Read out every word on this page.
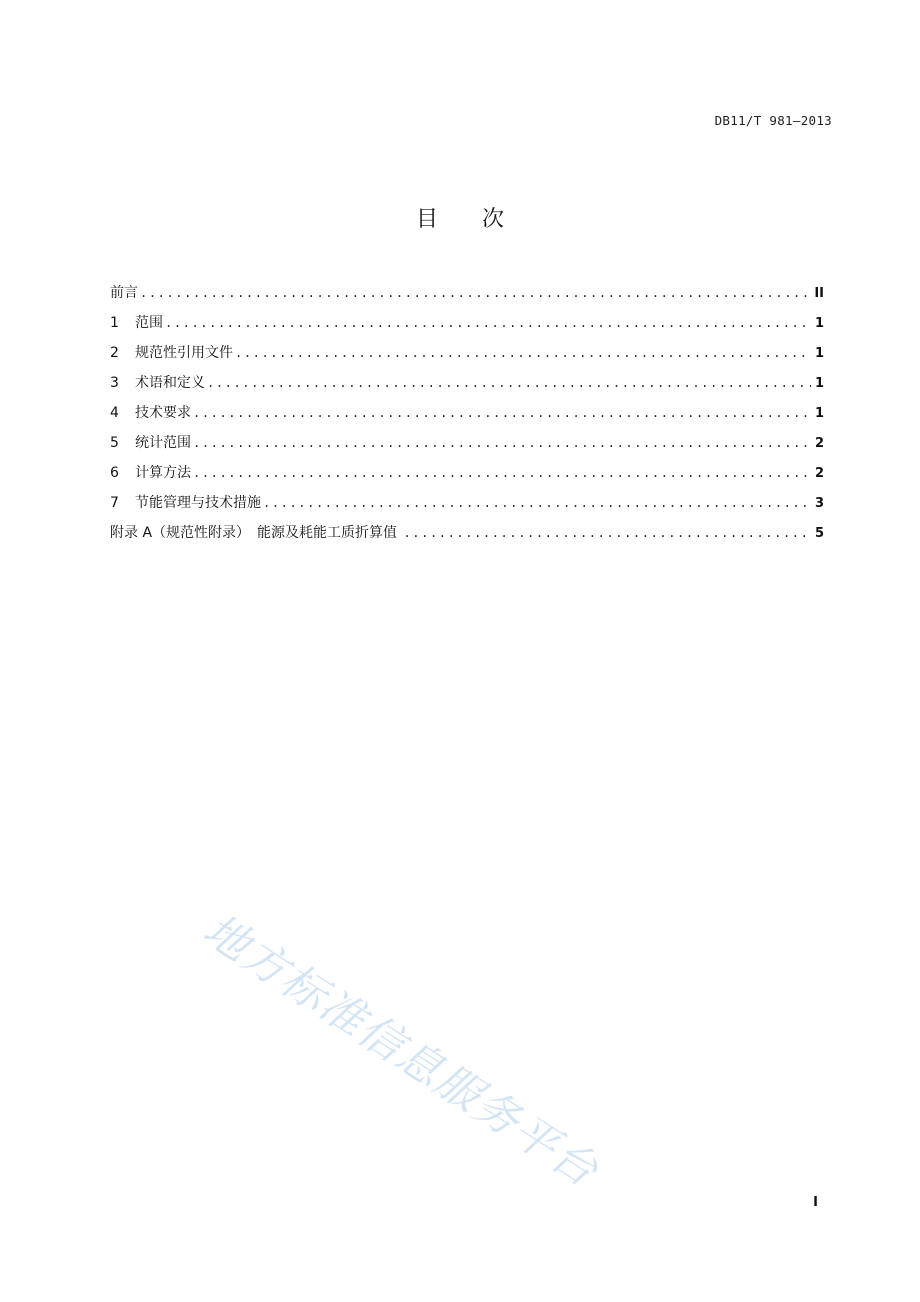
DB11/T 981—2013
目 次
前言 .....	II
1	范围 .....	1
2	规范性引用文件 .....	1
3	术语和定义 .....	1
4	技术要求 .....	1
5	统计范围 .....	2
6	计算方法 .....	2
7	节能管理与技术措施 .....	3
附录 A（规范性附录）　能源及耗能工质折算值 .....	5
地方标准信息服务平台
I
